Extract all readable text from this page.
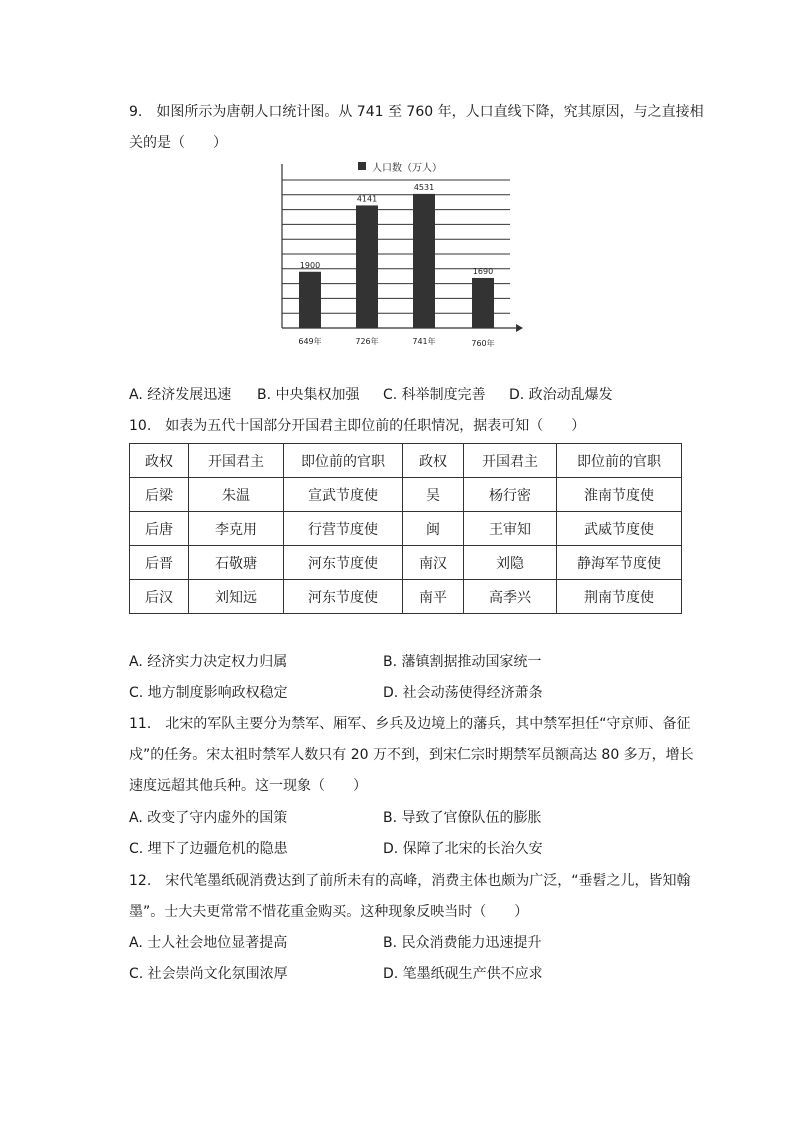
9.　如图所示为唐朝人口统计图。从 741 至 760 年，人口直线下降，究其原因，与之直接相
关的是（　　）
人口数（万人）
1900
4141
4531
1690
649年	726年	741年	760年
A. 经济发展迅速 B. 中央集权加强 C. 科举制度完善 D. 政治动乱爆发
10.　如表为五代十国部分开国君主即位前的任职情况，据表可知（　　）
政权	开国君主	即位前的官职	政权	开国君主	即位前的官职
后梁	朱温	宣武节度使	吴	杨行密	淮南节度使
后唐	李克用	行营节度使	闽	王审知	武威节度使
后晋	石敬瑭	河东节度使	南汉	刘隐	静海军节度使
后汉	刘知远	河东节度使	南平	高季兴	荆南节度使
A. 经济实力决定权力归属	B. 藩镇割据推动国家统一
C. 地方制度影响政权稳定	D. 社会动荡使得经济萧条
11.　北宋的军队主要分为禁军、厢军、乡兵及边境上的藩兵，其中禁军担任“守京师、备征
戍”的任务。宋太祖时禁军人数只有 20 万不到，到宋仁宗时期禁军员额高达 80 多万，增长
速度远超其他兵种。这一现象（　　）
A. 改变了守内虚外的国策	B. 导致了官僚队伍的膨胀
C. 埋下了边疆危机的隐患	D. 保障了北宋的长治久安
12.　宋代笔墨纸砚消费达到了前所未有的高峰，消费主体也颇为广泛，“垂髫之儿，皆知翰
墨”。士大夫更常常不惜花重金购买。这种现象反映当时（　　）
A. 士人社会地位显著提高	B. 民众消费能力迅速提升
C. 社会崇尚文化氛围浓厚	D. 笔墨纸砚生产供不应求
